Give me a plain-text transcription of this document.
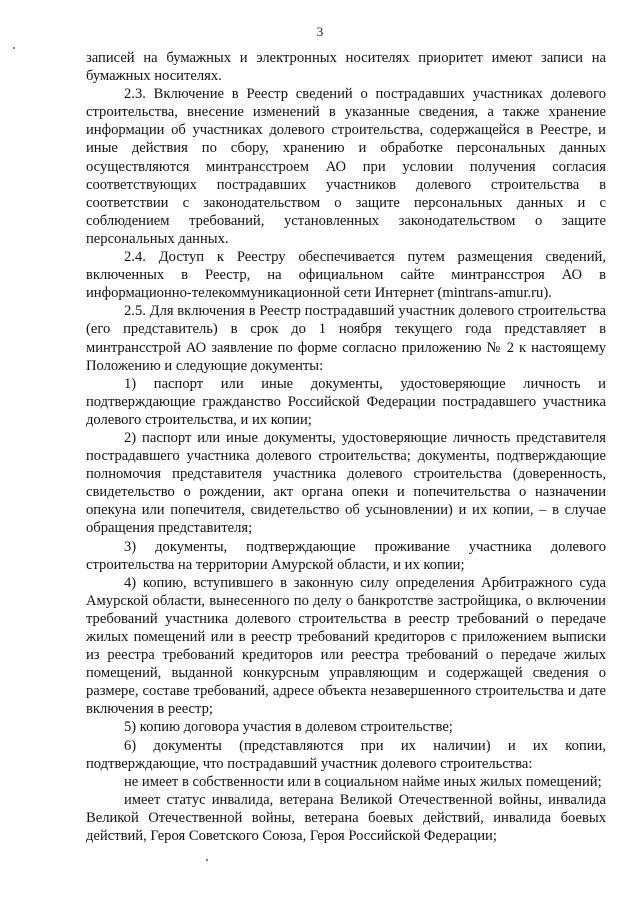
3

записей на бумажных и электронных носителях приоритет имеют записи на бумажных носителях.

2.3. Включение в Реестр сведений о пострадавших участниках долевого строительства, внесение изменений в указанные сведения, а также хранение информации об участниках долевого строительства, содержащейся в Реестре, и иные действия по сбору, хранению и обработке персональных данных осуществляются минтрансстроем АО при условии получения согласия соответствующих пострадавших участников долевого строительства в соответствии с законодательством о защите персональных данных и с соблюдением требований, установленных законодательством о защите персональных данных.

2.4. Доступ к Реестру обеспечивается путем размещения сведений, включенных в Реестр, на официальном сайте минтрансстроя АО в информационно-телекоммуникационной сети Интернет (mintrans-amur.ru).

2.5. Для включения в Реестр пострадавший участник долевого строительства (его представитель) в срок до 1 ноября текущего года представляет в минтрансстрой АО заявление по форме согласно приложению № 2 к настоящему Положению и следующие документы:

1) паспорт или иные документы, удостоверяющие личность и подтверждающие гражданство Российской Федерации пострадавшего участника долевого строительства, и их копии;

2) паспорт или иные документы, удостоверяющие личность представителя пострадавшего участника долевого строительства; документы, подтверждающие полномочия представителя участника долевого строительства (доверенность, свидетельство о рождении, акт органа опеки и попечительства о назначении опекуна или попечителя, свидетельство об усыновлении) и их копии, – в случае обращения представителя;

3) документы, подтверждающие проживание участника долевого строительства на территории Амурской области, и их копии;

4) копию, вступившего в законную силу определения Арбитражного суда Амурской области, вынесенного по делу о банкротстве застройщика, о включении требований участника долевого строительства в реестр требований о передаче жилых помещений или в реестр требований кредиторов с приложением выписки из реестра требований кредиторов или реестра требований о передаче жилых помещений, выданной конкурсным управляющим и содержащей сведения о размере, составе требований, адресе объекта незавершенного строительства и дате включения в реестр;

5) копию договора участия в долевом строительстве;

6) документы (представляются при их наличии) и их копии, подтверждающие, что пострадавший участник долевого строительства:

не имеет в собственности или в социальном найме иных жилых помещений;

имеет статус инвалида, ветерана Великой Отечественной войны, инвалида Великой Отечественной войны, ветерана боевых действий, инвалида боевых действий, Героя Советского Союза, Героя Российской Федерации;
